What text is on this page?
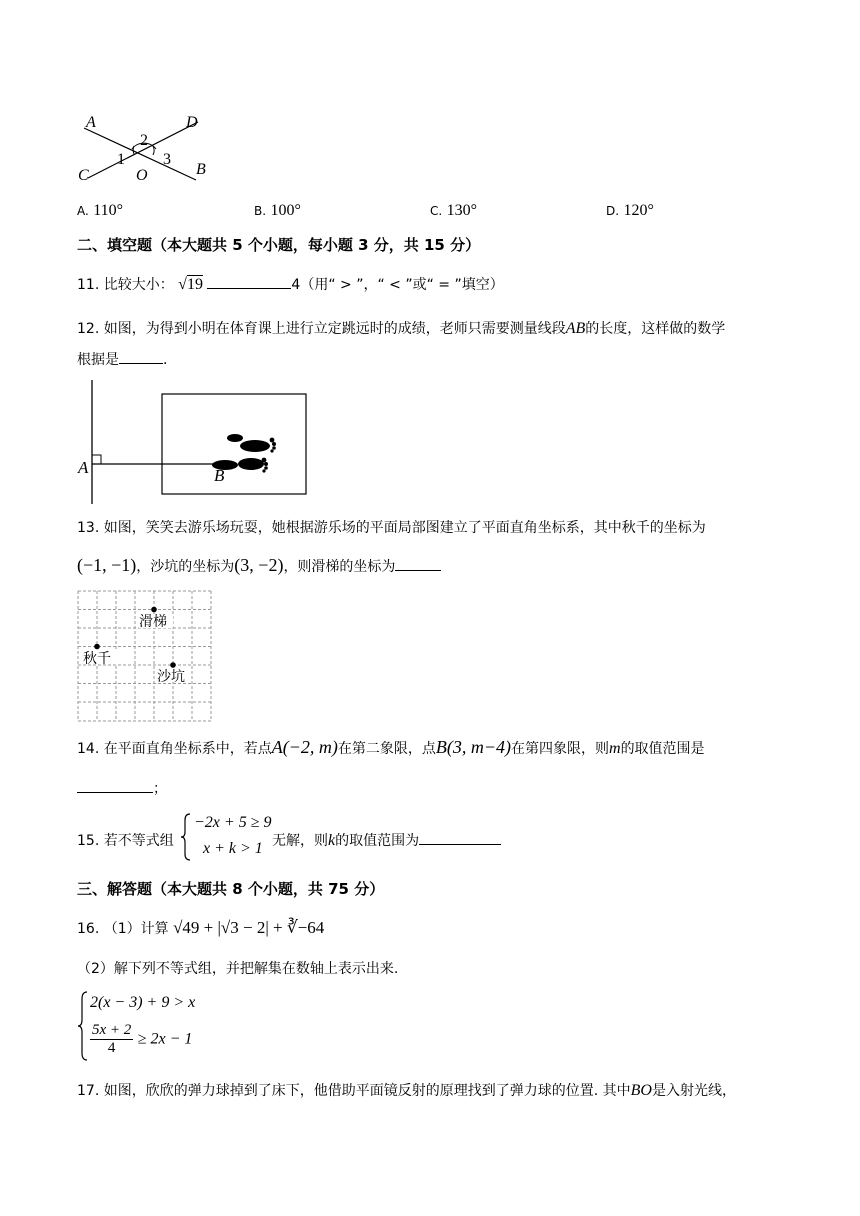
A	D
C	B
O
1
2
3
A. 110°	B. 100°	C. 130°	D. 120°
二、填空题（本大题共 5 个小题，每小题 3 分，共 15 分）
11. 比较大小： √19	4（用“ > ”，“ < ”或“ = ”填空）
12. 如图，为得到小明在体育课上进行立定跳远时的成绩，老师只需要测量线段AB的长度，这样做的数学
根据是	.
A	B
13. 如图，笑笑去游乐场玩耍，她根据游乐场的平面局部图建立了平面直角坐标系，其中秋千的坐标为
(−1, −1)，沙坑的坐标为(3, −2)，则滑梯的坐标为
滑梯
秋千
沙坑
14. 在平面直角坐标系中，若点A(−2, m)在第二象限，点B(3, m−4)在第四象限，则m的取值范围是
；
15. 若不等式组
−2x + 5 ≥ 9
x + k > 1 无解，则k的取值范围为
三、解答题（本大题共 8 个小题，共 75 分）
16. （1）计算 √49 + |√3 − 2| + ∛−64
（2）解下列不等式组，并把解集在数轴上表示出来.
2(x − 3) + 9 > x
$\frac{5x + 2}{4} \ge 2x - 1$
17. 如图，欣欣的弹力球掉到了床下，他借助平面镜反射的原理找到了弹力球的位置. 其中BO是入射光线，
